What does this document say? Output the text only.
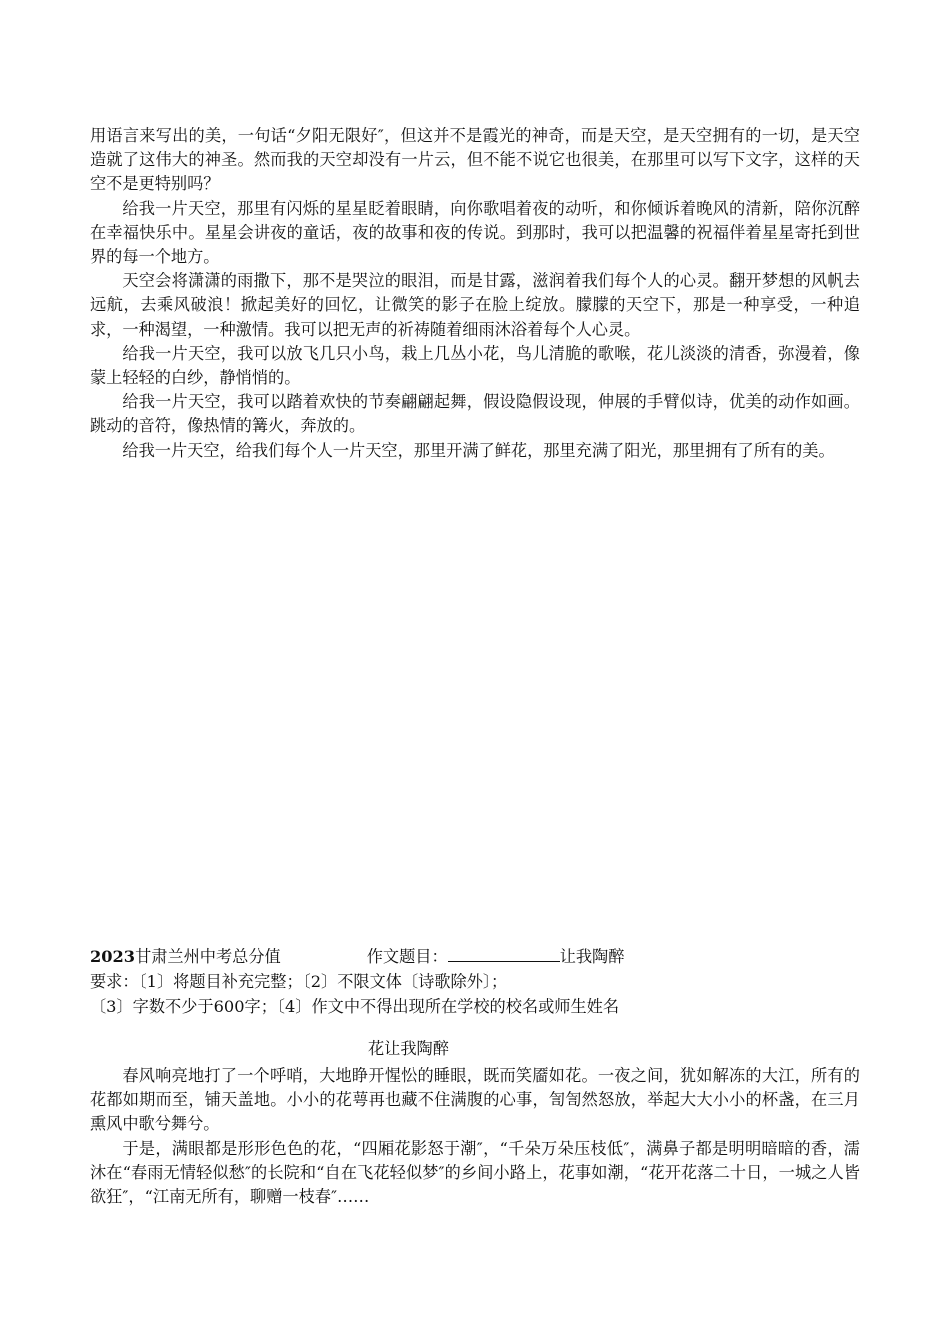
用语言来写出的美，一句话“夕阳无限好″，但这并不是霞光的神奇，而是天空，是天空拥有的一切，是天空造就了这伟大的神圣。然而我的天空却没有一片云，但不能不说它也很美，在那里可以写下文字，这样的天空不是更特别吗？

给我一片天空，那里有闪烁的星星眨着眼睛，向你歌唱着夜的动听，和你倾诉着晚风的清新，陪你沉醉在幸福快乐中。星星会讲夜的童话，夜的故事和夜的传说。到那时，我可以把温馨的祝福伴着星星寄托到世界的每一个地方。

天空会将潇潇的雨撒下，那不是哭泣的眼泪，而是甘露，滋润着我们每个人的心灵。翻开梦想的风帆去远航，去乘风破浪！掀起美好的回忆，让微笑的影子在脸上绽放。朦朦的天空下，那是一种享受，一种追求，一种渴望，一种激情。我可以把无声的祈祷随着细雨沐浴着每个人心灵。

给我一片天空，我可以放飞几只小鸟，栽上几丛小花，鸟儿清脆的歌喉，花儿淡淡的清香，弥漫着，像蒙上轻轻的白纱，静悄悄的。

给我一片天空，我可以踏着欢快的节奏翩翩起舞，假设隐假设现，伸展的手臂似诗，优美的动作如画。跳动的音符，像热情的篝火，奔放的。

给我一片天空，给我们每个人一片天空，那里开满了鲜花，那里充满了阳光，那里拥有了所有的美。

2023甘肃兰州中考总分值	作文题目：	让我陶醉

要求：〔1〕将题目补充完整；〔2〕不限文体〔诗歌除外〕；

〔3〕字数不少于600字；〔4〕作文中不得出现所在学校的校名或师生姓名

花让我陶醉

春风响亮地打了一个呼哨，大地睁开惺忪的睡眼，既而笑靥如花。一夜之间，犹如解冻的大江，所有的花都如期而至，铺天盖地。小小的花萼再也藏不住满腹的心事，訇訇然怒放，举起大大小小的杯盏，在三月熏风中歌兮舞兮。

于是，满眼都是形形色色的花，“四厢花影怒于潮″，“千朵万朵压枝低″，满鼻子都是明明暗暗的香，濡沐在“春雨无情轻似愁″的长院和“自在飞花轻似梦″的乡间小路上，花事如潮，“花开花落二十日，一城之人皆欲狂″，“江南无所有，聊赠一枝春″……
